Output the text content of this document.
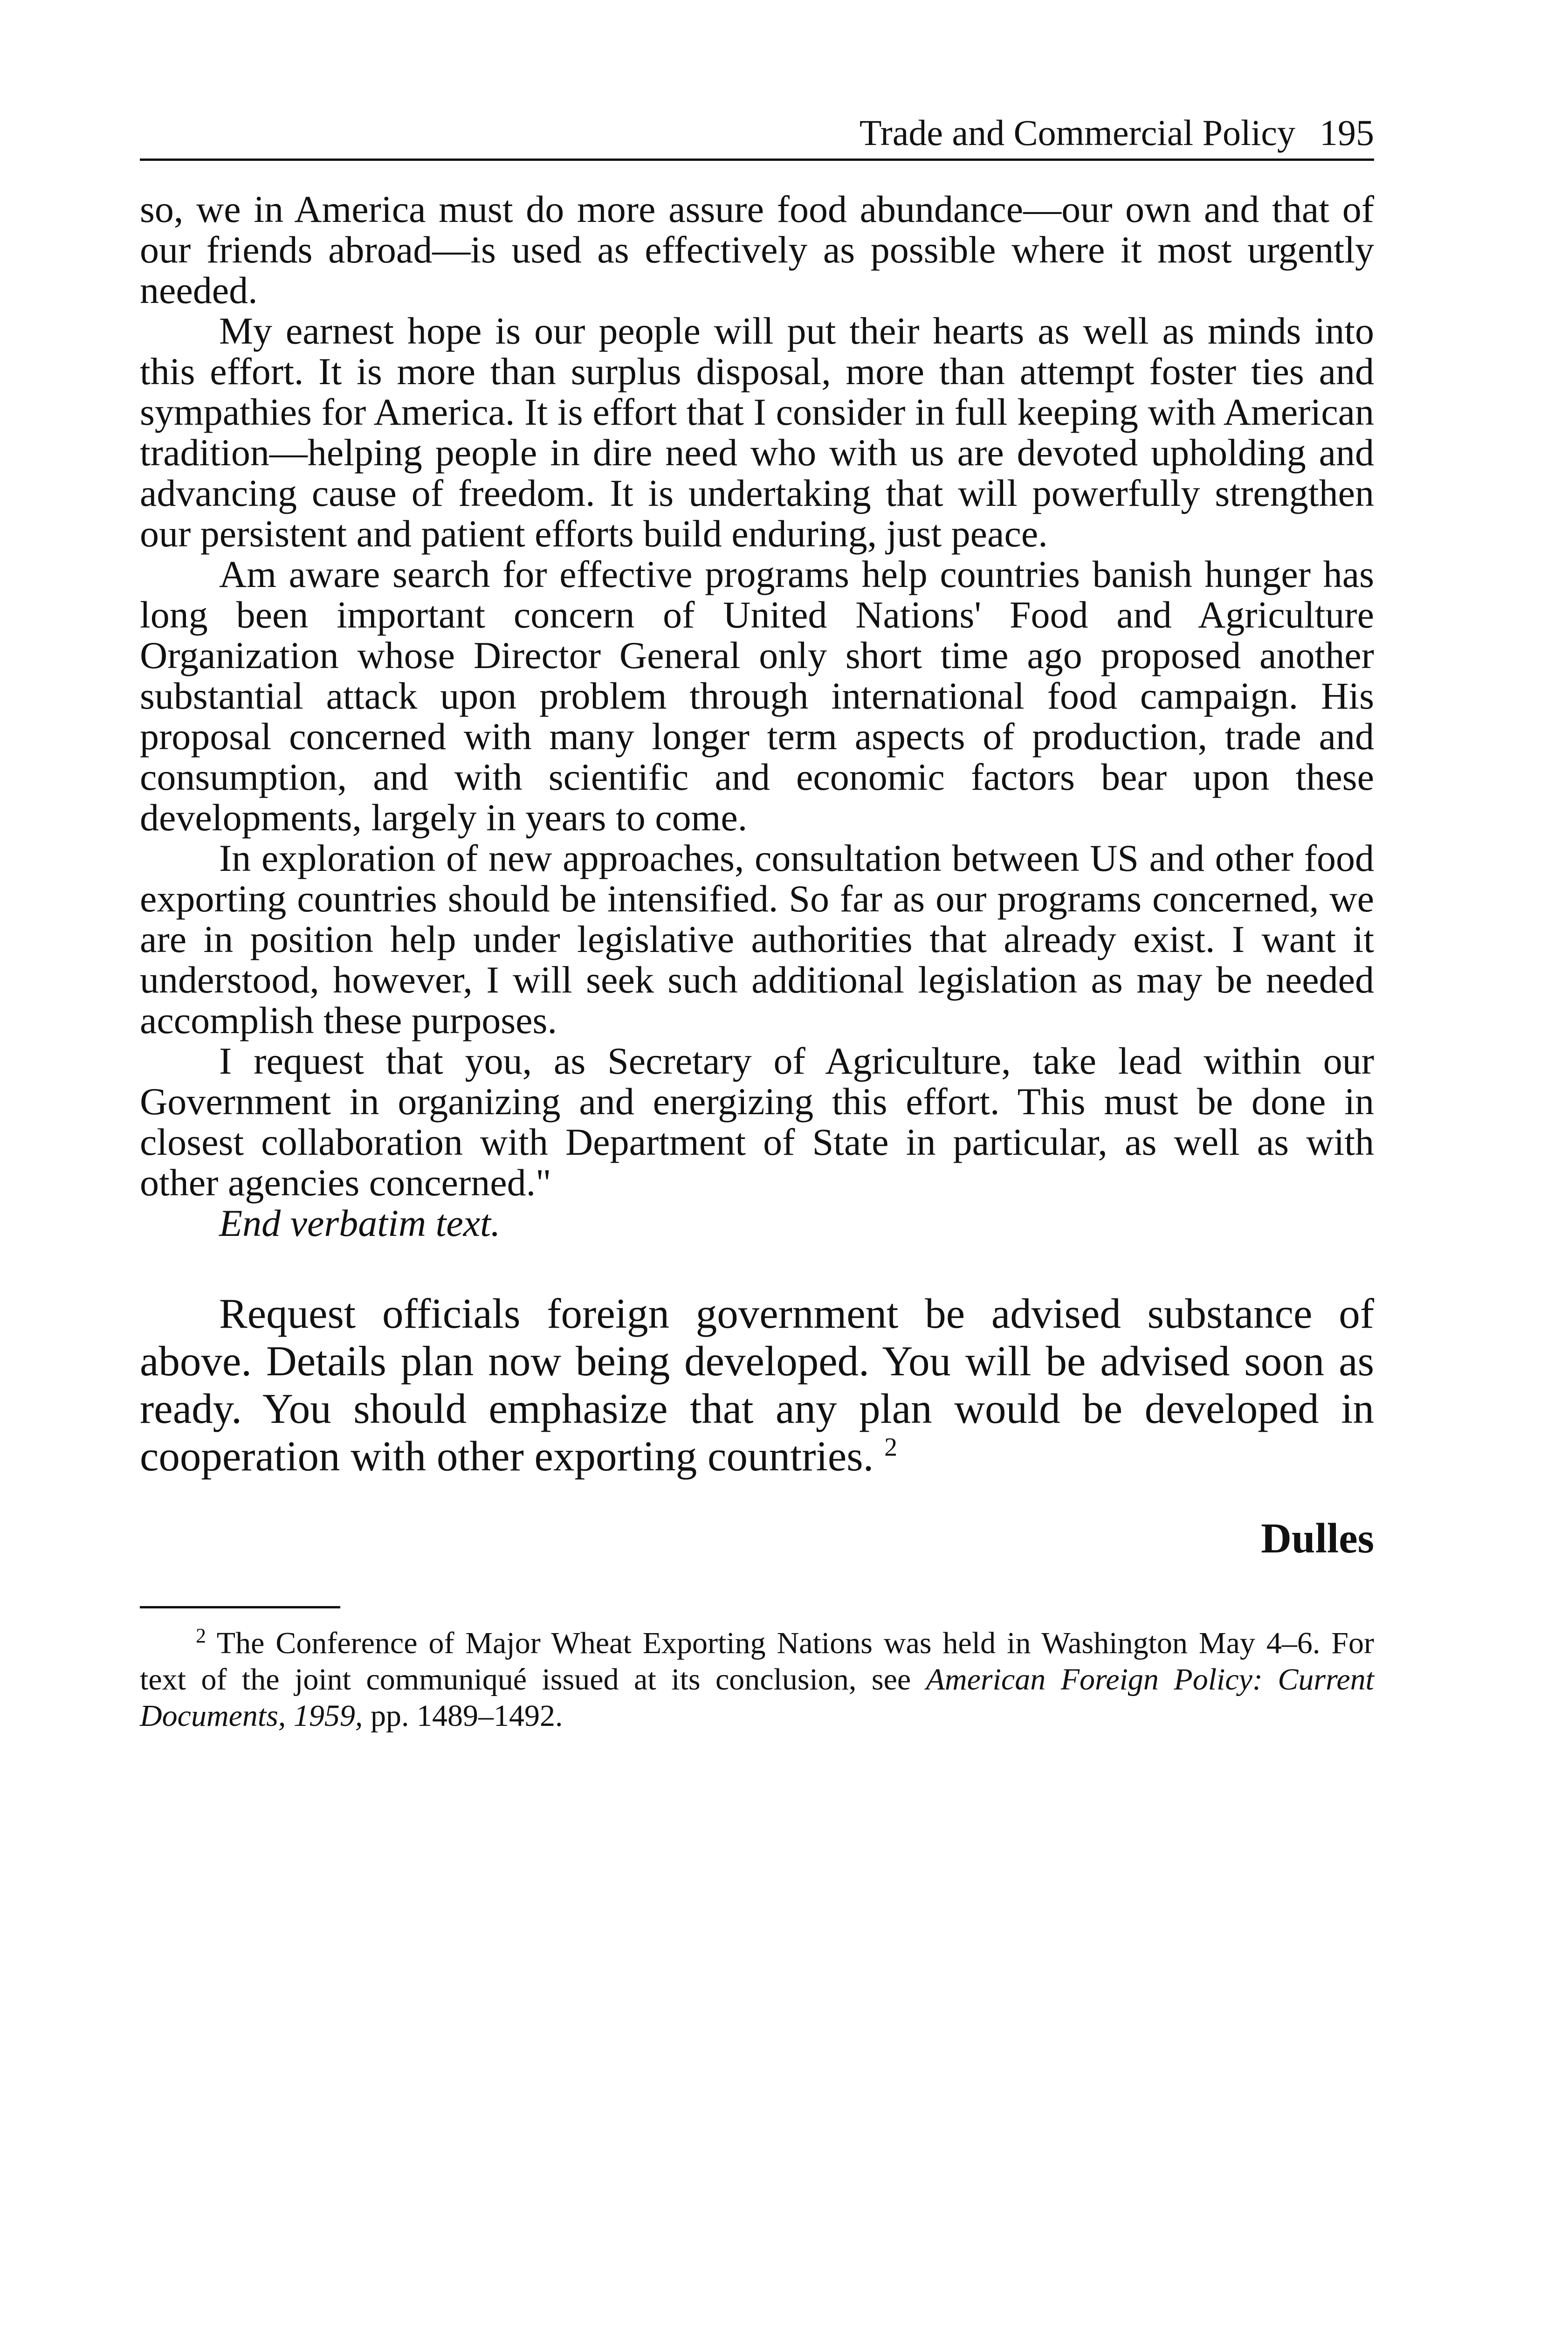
Trade and Commercial Policy 195

so, we in America must do more assure food abundance—our own and that of our friends abroad—is used as effectively as possible where it most urgently needed.

My earnest hope is our people will put their hearts as well as minds into this effort. It is more than surplus disposal, more than attempt foster ties and sympathies for America. It is effort that I consider in full keeping with American tradition—helping people in dire need who with us are devoted upholding and advancing cause of freedom. It is undertaking that will powerfully strengthen our persistent and patient efforts build enduring, just peace.

Am aware search for effective programs help countries banish hunger has long been important concern of United Nations' Food and Agriculture Organization whose Director General only short time ago proposed another substantial attack upon problem through international food campaign. His proposal concerned with many longer term aspects of production, trade and consumption, and with scientific and economic factors bear upon these developments, largely in years to come.

In exploration of new approaches, consultation between US and other food exporting countries should be intensified. So far as our programs concerned, we are in position help under legislative authorities that already exist. I want it understood, however, I will seek such additional legislation as may be needed accomplish these purposes.

I request that you, as Secretary of Agriculture, take lead within our Government in organizing and energizing this effort. This must be done in closest collaboration with Department of State in particular, as well as with other agencies concerned."

End verbatim text.

Request officials foreign government be advised substance of above. Details plan now being developed. You will be advised soon as ready. You should emphasize that any plan would be developed in cooperation with other exporting countries. $^2$
Dulles
$^2$ The Conference of Major Wheat Exporting Nations was held in Washington May 4–6. For text of the joint communiqué issued at its conclusion, see American Foreign Policy: Current Documents, 1959, pp. 1489–1492.
